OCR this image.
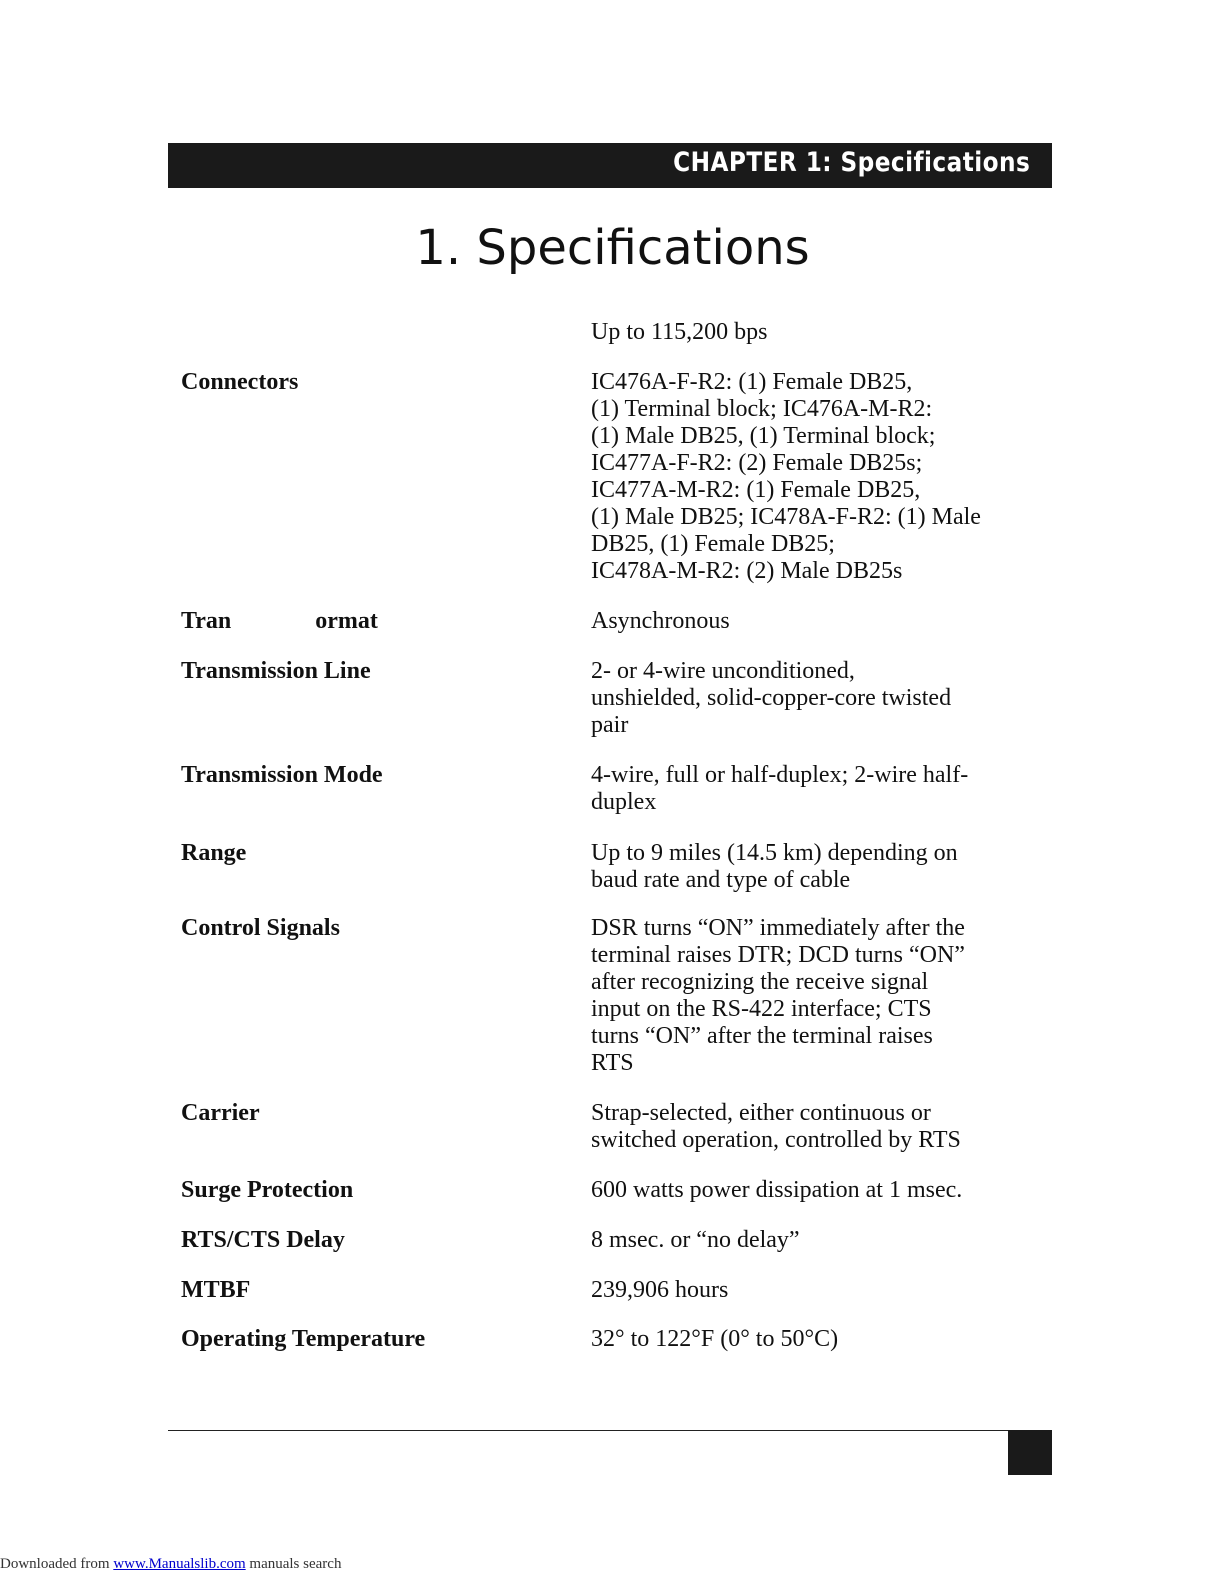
CHAPTER 1: Specifications
1. Specifications
Up to 115,200 bps
Connectors	IC476A-F-R2: (1) Female DB25,
(1) Terminal block; IC476A-M-R2:
(1) Male DB25, (1) Terminal block;
IC477A-F-R2: (2) Female DB25s;
IC477A-M-R2: (1) Female DB25,
(1) Male DB25; IC478A-F-R2: (1) Male
DB25, (1) Female DB25;
IC478A-M-R2: (2) Male DB25s
Tran              ormat	Asynchronous
Transmission Line	2- or 4-wire unconditioned,
unshielded, solid-copper-core twisted
pair
Transmission Mode	4-wire, full or half-duplex; 2-wire half-
duplex
Range	Up to 9 miles (14.5 km) depending on
baud rate and type of cable
Control Signals	DSR turns “ON” immediately after the
terminal raises DTR; DCD turns “ON”
after recognizing the receive signal
input on the RS-422 interface; CTS
turns “ON” after the terminal raises
RTS
Carrier	Strap-selected, either continuous or
switched operation, controlled by RTS
Surge Protection	600 watts power dissipation at 1 msec.
RTS/CTS Delay	8 msec. or “no delay”
MTBF	239,906 hours
Operating Temperature	32° to 122°F (0° to 50°C)
Downloaded from www.Manualslib.com manuals search
